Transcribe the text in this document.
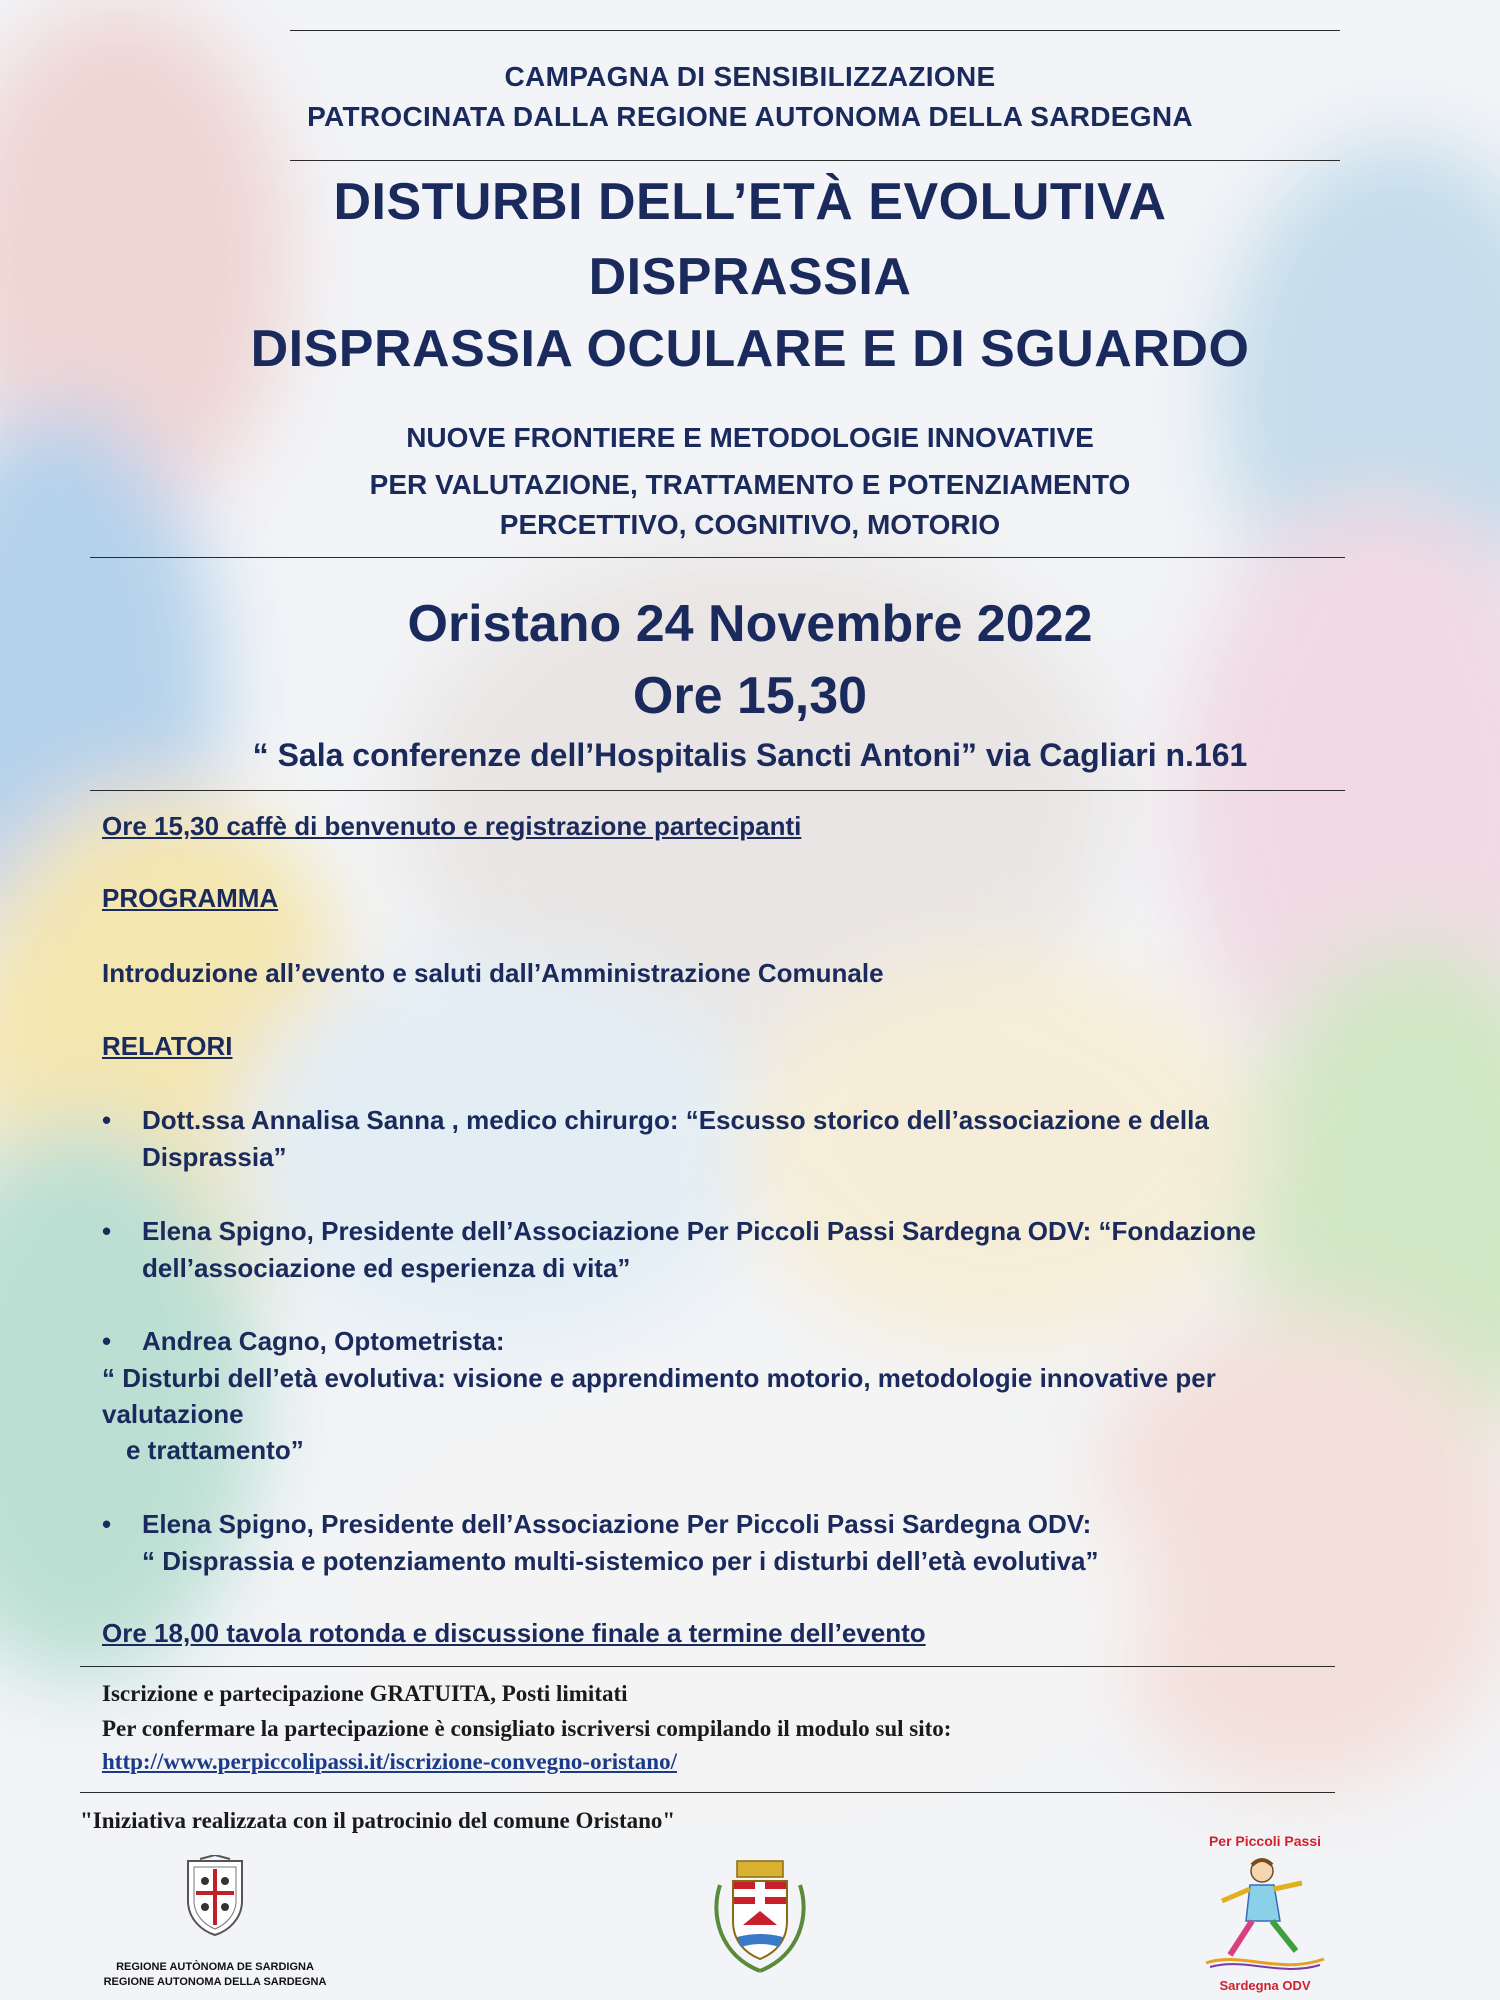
CAMPAGNA DI SENSIBILIZZAZIONE
PATROCINATA DALLA REGIONE AUTONOMA DELLA SARDEGNA
DISTURBI DELL’ETÀ EVOLUTIVA
DISPRASSIA
DISPRASSIA OCULARE E DI SGUARDO
NUOVE FRONTIERE E METODOLOGIE INNOVATIVE
PER VALUTAZIONE, TRATTAMENTO E POTENZIAMENTO
PERCETTIVO, COGNITIVO, MOTORIO
Oristano 24 Novembre 2022
Ore 15,30
“ Sala conferenze dell’Hospitalis Sancti Antoni” via Cagliari n.161
Ore 15,30 caffè di benvenuto e registrazione partecipanti
PROGRAMMA
Introduzione all’evento e saluti dall’Amministrazione Comunale
RELATORI
•	Dott.ssa Annalisa Sanna , medico chirurgo: “Escusso storico dell’associazione e della
Disprassia”
•	Elena Spigno, Presidente dell’Associazione Per Piccoli Passi Sardegna ODV: “Fondazione
dell’associazione ed esperienza di vita”
•	Andrea Cagno, Optometrista:
“ Disturbi dell’età evolutiva: visione e apprendimento motorio, metodologie innovative per
valutazione
e trattamento”
•	Elena Spigno, Presidente dell’Associazione Per Piccoli Passi Sardegna ODV:
“ Disprassia e potenziamento multi-sistemico per i disturbi dell’età evolutiva”
Ore 18,00 tavola rotonda e discussione finale a termine dell’evento
Iscrizione e partecipazione GRATUITA, Posti limitati
Per confermare la partecipazione è consigliato iscriversi compilando il modulo sul sito:
http://www.perpiccolipassi.it/iscrizione-convegno-oristano/
"Iniziativa realizzata con il patrocinio del comune Oristano"
REGIONE AUTÒNOMA DE SARDIGNA
REGIONE AUTONOMA DELLA SARDEGNA
Per Piccoli Passi
Sardegna ODV
